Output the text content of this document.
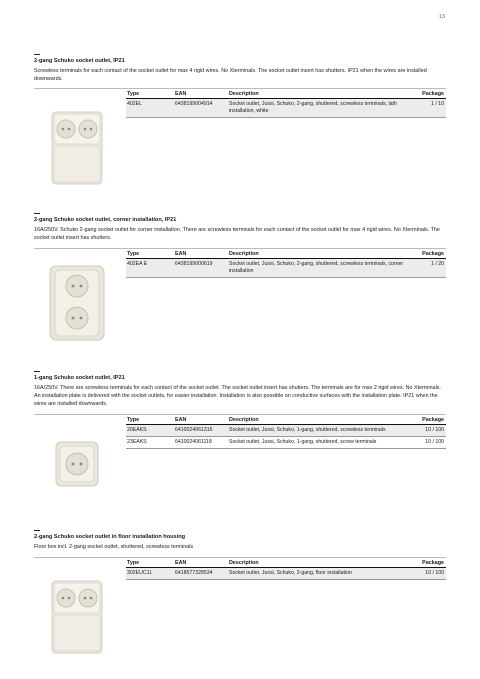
13

2-gang Schuko socket outlet, IP21

Screwless terminals for each contact of the socket outlet for max 4 rigid wires. No Xterminals. The socket outlet insert has shutters. IP21 when the wires are installed downwards.

Type	EAN	Description	Package
402EL	6438199004914	Socket outlet, Jussi, Schuko, 2-gang, shuttered, screwless terminals, lath installation, white	1 / 10

2-gang Schuko socket outlet, corner installation, IP21

16A/250V. Schuko 2-gang socket outlet for corner installation. There are screwless terminals for each contact of the socket outlet for max 4 rigid wires. No Xterminals. The socket outlet insert has shutters.

Type	EAN	Description	Package
402EA E	6438199000619	Socket outlet, Jussi, Schuko, 2-gang, shuttered, screwless terminals, corner installation	1 / 20

1-gang Schuko socket outlet, IP21

16A/250V. There are screwless terminals for each contact of the socket outlet. The socket outlet insert has shutters. The terminals are for max 2 rigid wires. No Xterminals. An installation plate is delivered with the socket outlets, for easier installation. Installation is also possible on conductive surfaces with the installation plate. IP21 when the wires are installed downwards.

Type	EAN	Description	Package
20EAKS	6410024061316	Socket outlet, Jussi, Schuko, 1-gang, shuttered, screwless terminals	10 / 100
23EAKS	6410024061118	Socket outlet, Jussi, Schuko, 1-gang, shuttered, screw terminals	10 / 100

2-gang Schuko socket outlet in floor installation housing

Floor box incl. 2-gang socket outlet, shuttered, screwless terminals

Type	EAN	Description	Package
302EUC1L	6418677328534	Socket outlet, Jussi, Schuko, 2-gang, floor installation	10 / 100
